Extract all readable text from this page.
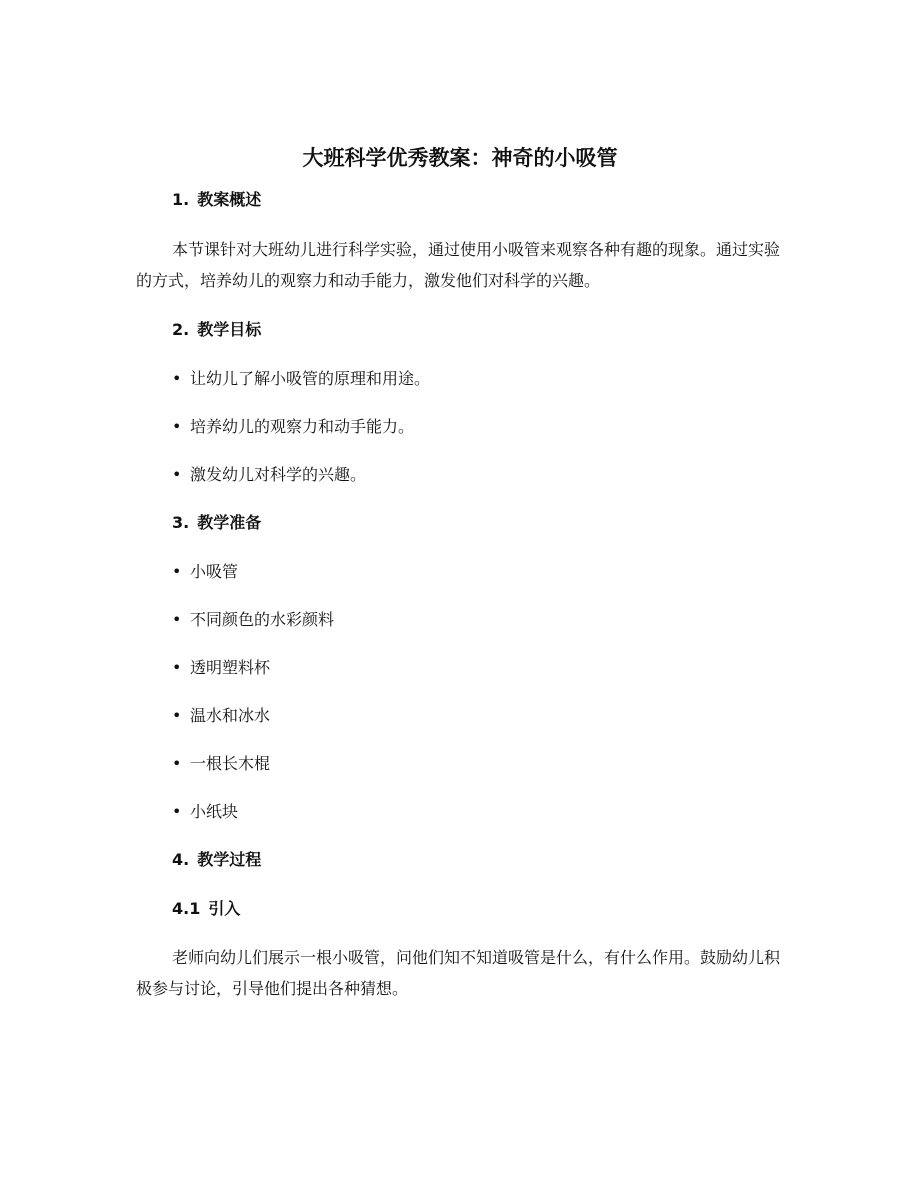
大班科学优秀教案：神奇的小吸管
1. 教案概述
本节课针对大班幼儿进行科学实验，通过使用小吸管来观察各种有趣的现象。通过实验的方式，培养幼儿的观察力和动手能力，激发他们对科学的兴趣。
2. 教学目标
• 让幼儿了解小吸管的原理和用途。
• 培养幼儿的观察力和动手能力。
• 激发幼儿对科学的兴趣。
3. 教学准备
• 小吸管
• 不同颜色的水彩颜料
• 透明塑料杯
• 温水和冰水
• 一根长木棍
• 小纸块
4. 教学过程
4.1 引入
老师向幼儿们展示一根小吸管，问他们知不知道吸管是什么，有什么作用。鼓励幼儿积极参与讨论，引导他们提出各种猜想。
